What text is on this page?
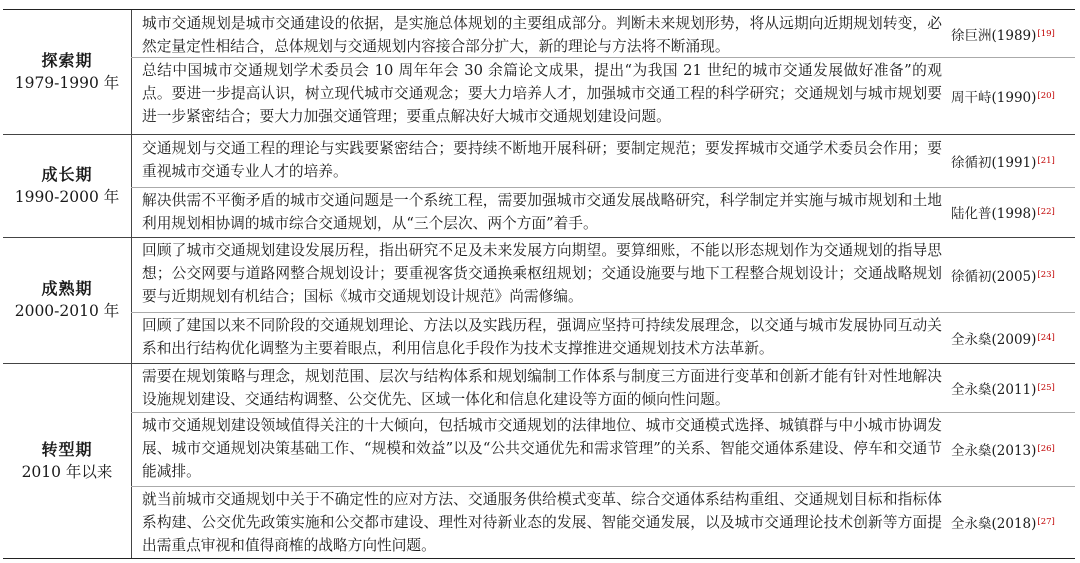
探索期
1979-1990 年
城市交通规划是城市交通建设的依据，是实施总体规划的主要组成部分。判断未来规划形势，将从远期向近期规划转变，必然定量定性相结合，总体规划与交通规划内容接合部分扩大，新的理论与方法将不断涌现。
徐巨洲(1989) [19]
总结中国城市交通规划学术委员会 10 周年年会 30 余篇论文成果，提出“为我国 21 世纪的城市交通发展做好准备”的观点。要进一步提高认识，树立现代城市交通观念；要大力培养人才，加强城市交通工程的科学研究；交通规划与城市规划要进一步紧密结合；要大力加强交通管理；要重点解决好大城市交通规划建设问题。
周干峙(1990) [20]
成长期
1990-2000 年
交通规划与交通工程的理论与实践要紧密结合；要持续不断地开展科研；要制定规范；要发挥城市交通学术委员会作用；要重视城市交通专业人才的培养。
徐循初(1991) [21]
解决供需不平衡矛盾的城市交通问题是一个系统工程，需要加强城市交通发展战略研究，科学制定并实施与城市规划和土地利用规划相协调的城市综合交通规划，从“三个层次、两个方面”着手。
陆化普(1998) [22]
成熟期
2000-2010 年
回顾了城市交通规划建设发展历程，指出研究不足及未来发展方向期望。要算细账，不能以形态规划作为交通规划的指导思想；公交网要与道路网整合规划设计；要重视客货交通换乘枢纽规划；交通设施要与地下工程整合规划设计；交通战略规划要与近期规划有机结合；国标《城市交通规划设计规范》尚需修编。
徐循初(2005) [23]
回顾了建国以来不同阶段的交通规划理论、方法以及实践历程，强调应坚持可持续发展理念，以交通与城市发展协同互动关系和出行结构优化调整为主要着眼点，利用信息化手段作为技术支撑推进交通规划技术方法革新。
全永燊(2009) [24]
转型期
2010 年以来
需要在规划策略与理念，规划范围、层次与结构体系和规划编制工作体系与制度三方面进行变革和创新才能有针对性地解决设施规划建设、交通结构调整、公交优先、区域一体化和信息化建设等方面的倾向性问题。
全永燊(2011) [25]
城市交通规划建设领域值得关注的十大倾向，包括城市交通规划的法律地位、城市交通模式选择、城镇群与中小城市协调发展、城市交通规划决策基础工作、“规模和效益”以及“公共交通优先和需求管理”的关系、智能交通体系建设、停车和交通节能减排。
全永燊(2013) [26]
就当前城市交通规划中关于不确定性的应对方法、交通服务供给模式变革、综合交通体系结构重组、交通规划目标和指标体系构建、公交优先政策实施和公交都市建设、理性对待新业态的发展、智能交通发展，以及城市交通理论技术创新等方面提出需重点审视和值得商榷的战略方向性问题。
全永燊(2018) [27]
